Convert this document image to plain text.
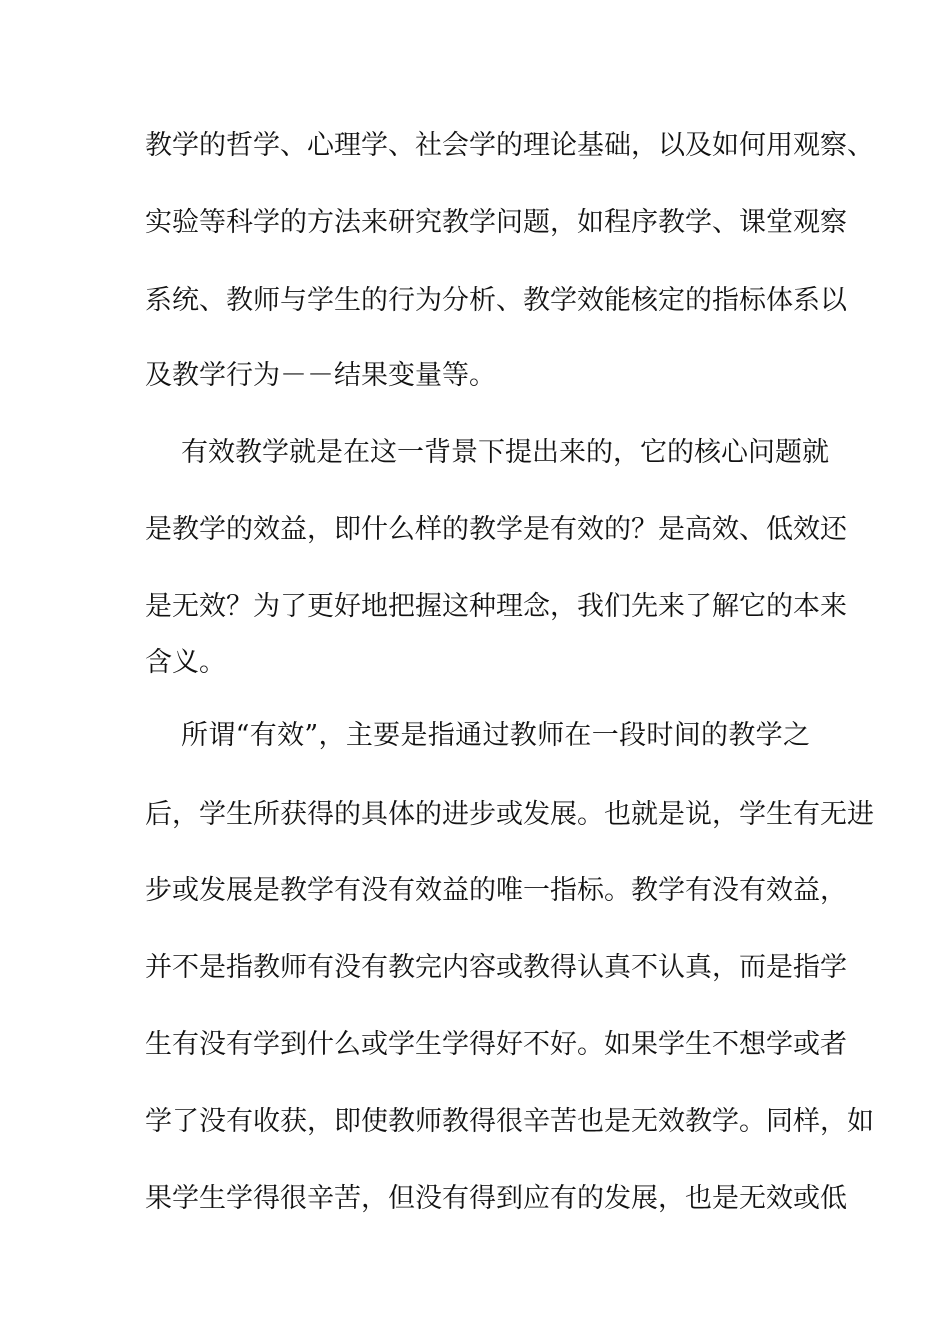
教学的哲学、心理学、社会学的理论基础，以及如何用观察、
实验等科学的方法来研究教学问题，如程序教学、课堂观察
系统、教师与学生的行为分析、教学效能核定的指标体系以
及教学行为－－结果变量等。
有效教学就是在这一背景下提出来的，它的核心问题就
是教学的效益，即什么样的教学是有效的？是高效、低效还
是无效？为了更好地把握这种理念，我们先来了解它的本来
含义。
所谓“有效”，主要是指通过教师在一段时间的教学之
后，学生所获得的具体的进步或发展。也就是说，学生有无进
步或发展是教学有没有效益的唯一指标。教学有没有效益，
并不是指教师有没有教完内容或教得认真不认真，而是指学
生有没有学到什么或学生学得好不好。如果学生不想学或者
学了没有收获，即使教师教得很辛苦也是无效教学。同样，如
果学生学得很辛苦，但没有得到应有的发展，也是无效或低
